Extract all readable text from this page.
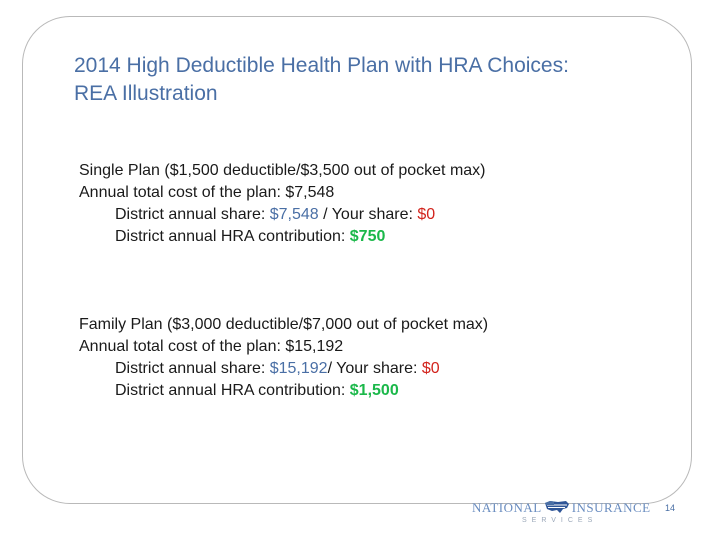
2014 High Deductible Health Plan with HRA Choices:
REA Illustration
Single Plan ($1,500 deductible/$3,500 out of pocket max)
Annual total cost of the plan: $7,548
District annual share: $7,548 / Your share: $0
District annual HRA contribution: $750
Family Plan ($3,000 deductible/$7,000 out of pocket max)
Annual total cost of the plan: $15,192
District annual share: $15,192/ Your share: $0
District annual HRA contribution: $1,500
NATIONAL INSURANCE
SERVICES
14
